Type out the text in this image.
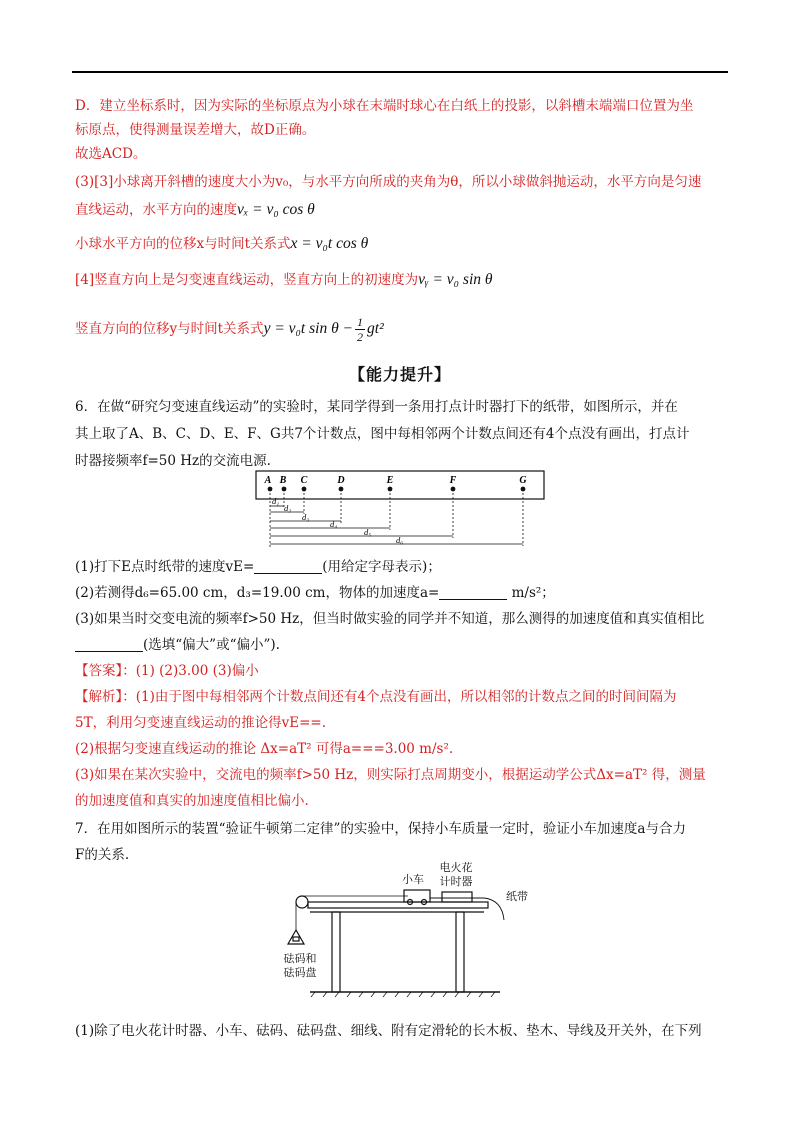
D．建立坐标系时，因为实际的坐标原点为小球在末端时球心在白纸上的投影，以斜槽末端端口位置为坐
标原点，使得测量误差增大，故D正确。
故选ACD。
(3)[3]小球离开斜槽的速度大小为v₀，与水平方向所成的夹角为θ，所以小球做斜抛运动，水平方向是匀速
直线运动，水平方向的速度vₓ = v₀ cos θ
小球水平方向的位移x与时间t关系式x = v₀t cos θ
[4]竖直方向上是匀变速直线运动，竖直方向上的初速度为vᵧ = v₀ sin θ
竖直方向的位移y与时间t关系式y = v₀t $\sin \theta - \frac{1}{2} gt^2$
【能力提升】
6．在做“研究匀变速直线运动”的实验时，某同学得到一条用打点计时器打下的纸带，如图所示，并在
其上取了A、B、C、D、E、F、G共7个计数点，图中每相邻两个计数点间还有4个点没有画出，打点计
时器接频率f=50 Hz的交流电源.
A B C	D	E	F	G
d₁
d₂
d₃
d₄
d₅
d₆
(1)打下E点时纸带的速度vE=	(用给定字母表示)；
(2)若测得d₆=65.00 cm，d₃=19.00 cm，物体的加速度a=	m/s²；
(3)如果当时交变电流的频率f>50 Hz，但当时做实验的同学并不知道，那么测得的加速度值和真实值相比
(选填“偏大”或“偏小”).
【答案】：(1) (2)3.00 (3)偏小
【解析】：(1)由于图中每相邻两个计数点间还有4个点没有画出，所以相邻的计数点之间的时间间隔为
5T，利用匀变速直线运动的推论得vE==.
(2)根据匀变速直线运动的推论 Δx=aT² 可得a===3.00 m/s².
(3)如果在某次实验中，交流电的频率f>50 Hz，则实际打点周期变小，根据运动学公式Δx=aT² 得，测量
的加速度值和真实的加速度值相比偏小.
7．在用如图所示的装置“验证牛顿第二定律”的实验中，保持小车质量一定时，验证小车加速度a与合力
F的关系.
小车
电火花
计时器
纸带
砝码和
砝码盘
(1)除了电火花计时器、小车、砝码、砝码盘、细线、附有定滑轮的长木板、垫木、导线及开关外，在下列
